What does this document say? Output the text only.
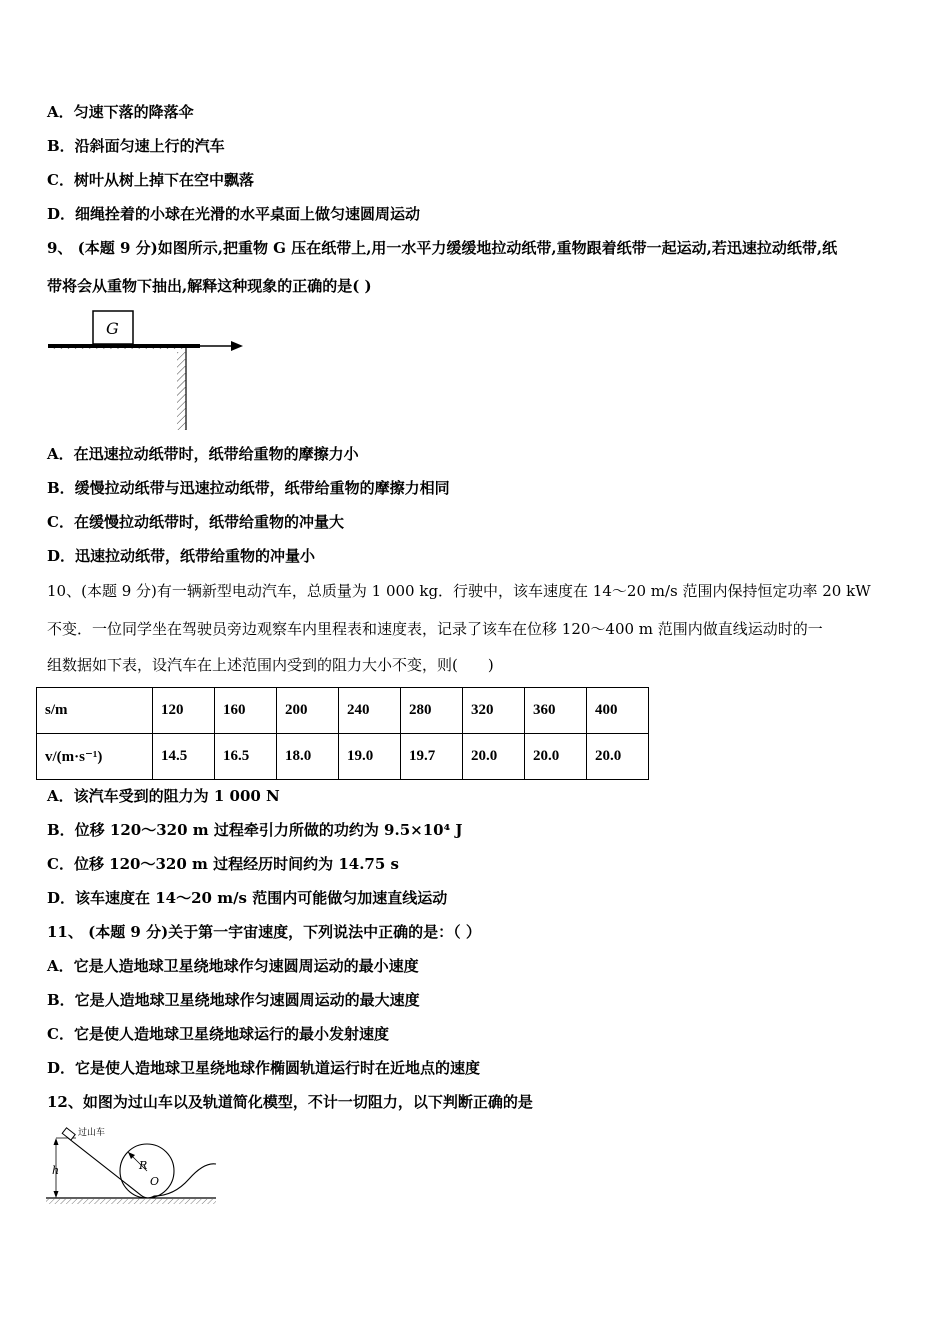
A．匀速下落的降落伞
B．沿斜面匀速上行的汽车
C．树叶从树上掉下在空中飘落
D．细绳拴着的小球在光滑的水平桌面上做匀速圆周运动
9、 (本题 9 分)如图所示,把重物 G 压在纸带上,用一水平力缓缓地拉动纸带,重物跟着纸带一起运动,若迅速拉动纸带,纸
带将会从重物下抽出,解释这种现象的正确的是( )
G
A．在迅速拉动纸带时，纸带给重物的摩擦力小
B．缓慢拉动纸带与迅速拉动纸带，纸带给重物的摩擦力相同
C．在缓慢拉动纸带时，纸带给重物的冲量大
D．迅速拉动纸带，纸带给重物的冲量小
10、(本题 9 分)有一辆新型电动汽车，总质量为 1 000 kg．行驶中，该车速度在 14～20 m/s 范围内保持恒定功率 20 kW
不变．一位同学坐在驾驶员旁边观察车内里程表和速度表，记录了该车在位移 120～400 m 范围内做直线运动时的一
组数据如下表，设汽车在上述范围内受到的阻力大小不变，则(　　)
s/m	120	160	200	240	280	320	360	400
v/(m·s⁻¹)	14.5	16.5	18.0	19.0	19.7	20.0	20.0	20.0
A．该汽车受到的阻力为 1 000 N
B．位移 120～320 m 过程牵引力所做的功约为 9.5×10⁴ J
C．位移 120～320 m 过程经历时间约为 14.75 s
D．该车速度在 14～20 m/s 范围内可能做匀加速直线运动
11、 (本题 9 分)关于第一宇宙速度，下列说法中正确的是：（ ）
A．它是人造地球卫星绕地球作匀速圆周运动的最小速度
B．它是人造地球卫星绕地球作匀速圆周运动的最大速度
C．它是使人造地球卫星绕地球运行的最小发射速度
D．它是使人造地球卫星绕地球作椭圆轨道运行时在近地点的速度
12、如图为过山车以及轨道简化模型，不计一切阻力，以下判断正确的是
h	R
O
过山车
